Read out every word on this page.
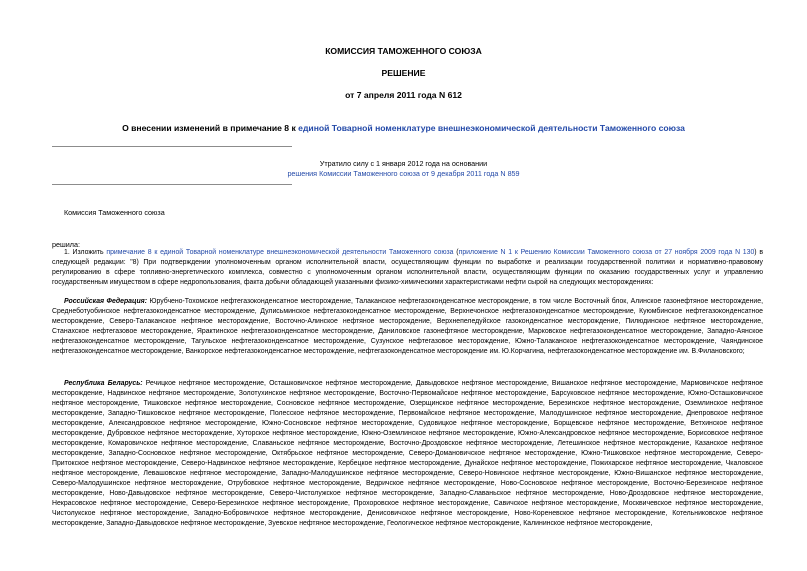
КОМИССИЯ ТАМОЖЕННОГО СОЮЗА
РЕШЕНИЕ
от 7 апреля 2011 года N 612
О внесении изменений в примечание 8 к единой Товарной номенклатуре внешнеэкономической деятельности Таможенного союза
Утратило силу с 1 января 2012 года на основании
решения Комиссии Таможенного союза от 9 декабря 2011 года N 859
Комиссия Таможенного союза
решила:
1. Изложить примечание 8 к единой Товарной номенклатуре внешнеэкономической деятельности Таможенного союза (приложение N 1 к Решению Комиссии Таможенного союза от 27 ноября 2009 года N 130) в следующей редакции: "8) При подтверждении уполномоченным органом исполнительной власти, осуществляющим функции по выработке и реализации государственной политики и нормативно-правовому регулированию в сфере топливно-энергетического комплекса, совместно с уполномоченным органом исполнительной власти, осуществляющим функции по оказанию государственных услуг и управлению государственным имуществом в сфере недропользования, факта добычи обладающей указанными физико-химическими характеристиками нефти сырой на следующих месторождениях:
Российская Федерация: Юрубчено-Тохомское нефтегазоконденсатное месторождение, Талаканское нефтегазоконденсатное месторождение, в том числе Восточный блок, Алинское газонефтяное месторождение, Среднеботуобинское нефтегазоконденсатное месторождение, Дулисьминское нефтегазоконденсатное месторождение, Верхнечонское нефтегазоконденсатное месторождение, Куюмбинское нефтегазоконденсатное месторождение, Северо-Талаканское нефтяное месторождение, Восточно-Алинское нефтяное месторождение, Верхнепеледуйское газоконденсатное месторождение, Пилюдинское нефтяное месторождение, Станахское нефтегазовое месторождение, Ярактинское нефтегазоконденсатное месторождение, Даниловское газонефтяное месторождение, Марковское нефтегазоконденсатное месторождение, Западно-Аянское нефтегазоконденсатное месторождение, Тагульское нефтегазоконденсатное месторождение, Сузунское нефтегазовое месторождение, Южно-Талаканское нефтегазоконденсатное месторождение, Чаяндинское нефтегазоконденсатное месторождение, Ванкорское нефтегазоконденсатное месторождение, нефтегазоконденсатное месторождение им. Ю.Корчагина, нефтегазоконденсатное месторождение им. В.Филановского;
Республика Беларусь: Речицкое нефтяное месторождение, Осташковичское нефтяное месторождение, Давыдовское нефтяное месторождение, Вишанское нефтяное месторождение, Мармовичское нефтяное месторождение, Надвинское нефтяное месторождение, Золотухинское нефтяное месторождение, Восточно-Первомайское нефтяное месторождение, Барсуковское нефтяное месторождение, Южно-Осташковичское нефтяное месторождение, Тишковское нефтяное месторождение, Сосновское нефтяное месторождение, Озерщинское нефтяное месторождение, Березинское нефтяное месторождение, Оземлинское нефтяное месторождение, Западно-Тишковское нефтяное месторождение, Полесское нефтяное месторождение, Первомайское нефтяное месторождение, Малодушинское нефтяное месторождение, Днепровское нефтяное месторождение, Александровское нефтяное месторождение, Южно-Сосновское нефтяное месторождение, Судовицкое нефтяное месторождение, Борщевское нефтяное месторождение, Ветхинское нефтяное месторождение, Дубровское нефтяное месторождение, Хуторское нефтяное месторождение, Южно-Оземлинское нефтяное месторождение, Южно-Александровское нефтяное месторождение, Борисовское нефтяное месторождение, Комаровичское нефтяное месторождение, Славаньское нефтяное месторождение, Восточно-Дроздовское нефтяное месторождение, Летешинское нефтяное месторождение, Казанское нефтяное месторождение, Западно-Сосновское нефтяное месторождение, Октябрьское нефтяное месторождение, Северо-Домановичское нефтяное месторождение, Южно-Тишковское нефтяное месторождение, Северо-Притокское нефтяное месторождение, Северо-Надвинское нефтяное месторождение, Кербецкое нефтяное месторождение, Дунайское нефтяное месторождение, Пожихарское нефтяное месторождение, Чкаловское нефтяное месторождение, Левашовское нефтяное месторождение, Западно-Малодушинское нефтяное месторождение, Северо-Новинское нефтяное месторождение, Южно-Вишанское нефтяное месторождение, Северо-Малодушинское нефтяное месторождение, Отрубовское нефтяное месторождение, Ведричское нефтяное месторождение, Ново-Сосновское нефтяное месторождение, Восточно-Березинское нефтяное месторождение, Ново-Давыдовское нефтяное месторождение, Северо-Чистолужское нефтяное месторождение, Западно-Славаньское нефтяное месторождение, Ново-Дроздовское нефтяное месторождение, Некрасовское нефтяное месторождение, Северо-Березинское нефтяное месторождение, Прохоровское нефтяное месторождение, Савичское нефтяное месторождение, Москвичевское нефтяное месторождение, Чистолукское нефтяное месторождение, Западно-Бобровичское нефтяное месторождение, Денисовичское нефтяное месторождение, Ново-Кореневское нефтяное месторождение, Котельниковское нефтяное месторождение, Западно-Давыдовское нефтяное месторождение, Зуевское нефтяное месторождение, Геологическое нефтяное месторождение, Калининское нефтяное месторождение,
